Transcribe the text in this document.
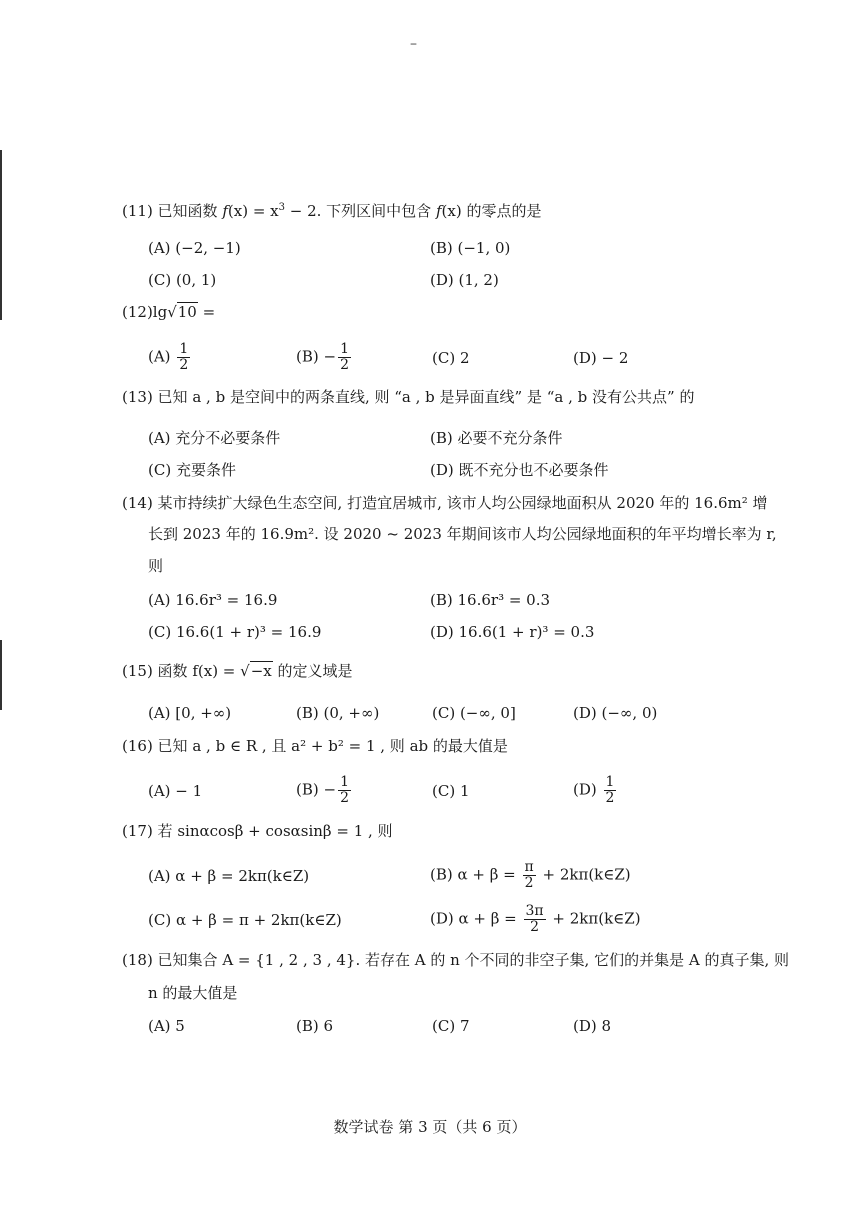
–
(11) 已知函数 $f(x) = x^3 - 2$. 下列区间中包含 f(x) 的零点的是
(A) (−2, −1)	(B) (−1, 0)
(C) (0, 1)	(D) (1, 2)
(12)lg√10 =
$(A) \frac{1}{2}$	$(B) - \frac{1}{2}$	(C) 2	(D) − 2
(13) 已知 a , b 是空间中的两条直线, 则 “a , b 是异面直线” 是 “a , b 没有公共点” 的
(A) 充分不必要条件	(B) 必要不充分条件
(C) 充要条件	(D) 既不充分也不必要条件
(14) 某市持续扩大绿色生态空间, 打造宜居城市, 该市人均公园绿地面积从 2020 年的 16.6m² 增
长到 2023 年的 16.9m². 设 2020 ~ 2023 年期间该市人均公园绿地面积的年平均增长率为 r,
则
(A) 16.6r³ = 16.9	(B) 16.6r³ = 0.3
(C) 16.6(1 + r)³ = 16.9	(D) 16.6(1 + r)³ = 0.3
(15) 函数 f(x) = √−x 的定义域是
(A) [0, +∞)	(B) (0, +∞)	(C) (−∞, 0]	(D) (−∞, 0)
(16) 已知 a , b ∈ R , 且 a² + b² = 1 , 则 ab 的最大值是
(A) − 1	$(B) - \frac{1}{2}$	(C) 1	$(D) \frac{1}{2}$
(17) 若 sinαcosβ + cosαsinβ = 1 , 则
(A) α + β = 2kπ(k∈Z)	(B) $\alpha + \beta = \frac{\pi}{2}$ + 2kπ(k∈Z)
(C) α + β = π + 2kπ(k∈Z)	(D) $\alpha + \beta = \frac{3\pi}{2}$ + 2kπ(k∈Z)
(18) 已知集合 A = {1 , 2 , 3 , 4}. 若存在 A 的 n 个不同的非空子集, 它们的并集是 A 的真子集, 则
n 的最大值是
(A) 5	(B) 6	(C) 7	(D) 8
数学试卷 第 3 页（共 6 页）
